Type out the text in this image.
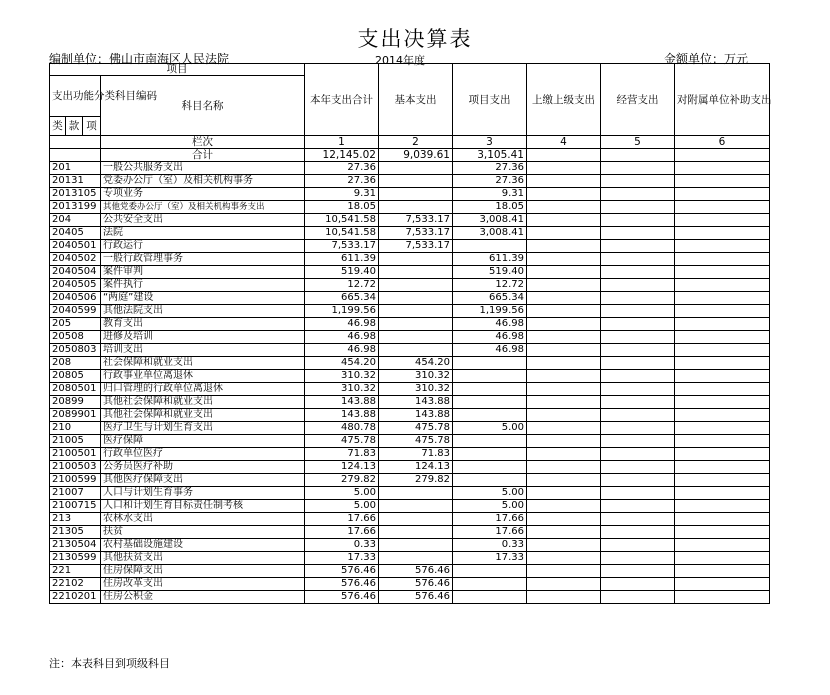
支出决算表
编制单位：佛山市南海区人民法院	2014年度	金额单位：万元
项目				本年支出合计	基本支出	项目支出	上缴上级支出	经营支出	对附属单位补助支出
支出功能分类科目编码			科目名称						
类	款	项							
			栏次	1	2	3	4	5	6
			合计	12,145.02	9,039.61	3,105.41			
201			一般公共服务支出	27.36		27.36			
20131			党委办公厅（室）及相关机构事务	27.36		27.36			
2013105			专项业务	9.31		9.31			
2013199			其他党委办公厅（室）及相关机构事务支出	18.05		18.05			
204			公共安全支出	10,541.58	7,533.17	3,008.41			
20405			法院	10,541.58	7,533.17	3,008.41			
2040501			行政运行	7,533.17	7,533.17				
2040502			一般行政管理事务	611.39		611.39			
2040504			案件审判	519.40		519.40			
2040505			案件执行	12.72		12.72			
2040506			“两庭”建设	665.34		665.34			
2040599			其他法院支出	1,199.56		1,199.56			
205			教育支出	46.98		46.98			
20508			进修及培训	46.98		46.98			
2050803			培训支出	46.98		46.98			
208			社会保障和就业支出	454.20	454.20				
20805			行政事业单位离退休	310.32	310.32				
2080501			归口管理的行政单位离退休	310.32	310.32				
20899			其他社会保障和就业支出	143.88	143.88				
2089901			其他社会保障和就业支出	143.88	143.88				
210			医疗卫生与计划生育支出	480.78	475.78	5.00			
21005			医疗保障	475.78	475.78				
2100501			行政单位医疗	71.83	71.83				
2100503			公务员医疗补助	124.13	124.13				
2100599			其他医疗保障支出	279.82	279.82				
21007			人口与计划生育事务	5.00		5.00			
2100715			人口和计划生育目标责任制考核	5.00		5.00			
213			农林水支出	17.66		17.66			
21305			扶贫	17.66		17.66			
2130504			农村基础设施建设	0.33		0.33			
2130599			其他扶贫支出	17.33		17.33			
221			住房保障支出	576.46	576.46				
22102			住房改革支出	576.46	576.46				
2210201			住房公积金	576.46	576.46				
注：本表科目到项级科目
